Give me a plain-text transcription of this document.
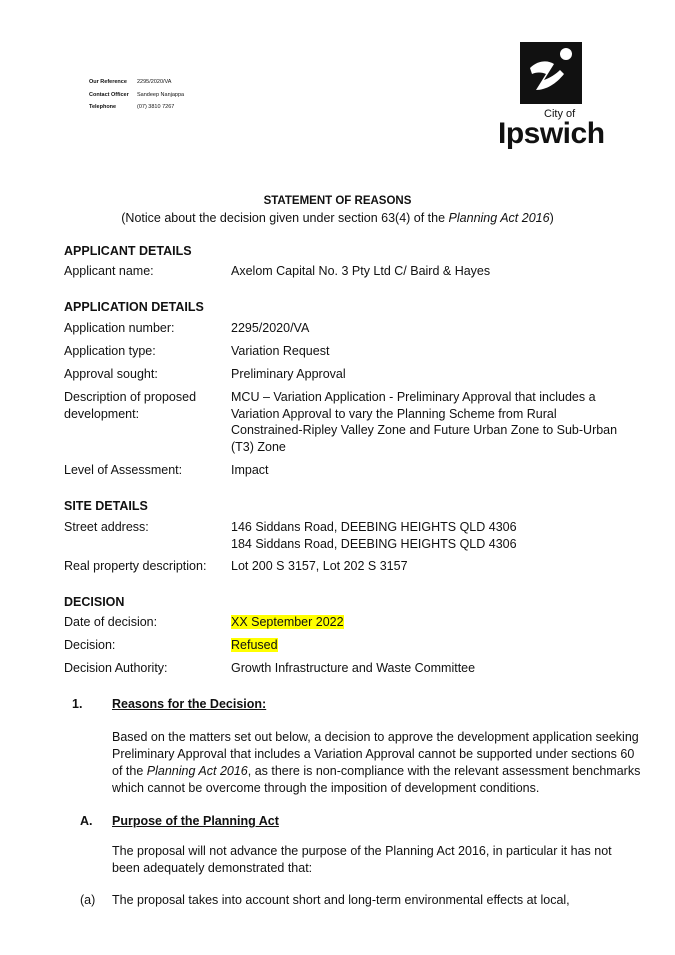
Our Reference	2295/2020/VA
Contact Officer	Sandeep Nanjappa
Telephone	(07) 3810 7267
City of
Ipswich
STATEMENT OF REASONS
(Notice about the decision given under section 63(4) of the Planning Act 2016)
APPLICANT DETAILS
Applicant name:	Axelom Capital No. 3 Pty Ltd C/ Baird & Hayes
APPLICATION DETAILS
Application number:	2295/2020/VA
Application type:	Variation Request
Approval sought:	Preliminary Approval
Description of proposed development:
MCU – Variation Application - Preliminary Approval that includes a Variation Approval to vary the Planning Scheme from Rural Constrained-Ripley Valley Zone and Future Urban Zone to Sub-Urban (T3) Zone
Level of Assessment:	Impact
SITE DETAILS
Street address:	146 Siddans Road, DEEBING HEIGHTS QLD 4306
184 Siddans Road, DEEBING HEIGHTS QLD 4306
Real property description:	Lot 200 S 3157, Lot 202 S 3157
DECISION
Date of decision:	XX September 2022
Decision:	Refused
Decision Authority:	Growth Infrastructure and Waste Committee
1. Reasons for the Decision:
Based on the matters set out below, a decision to approve the development application seeking Preliminary Approval that includes a Variation Approval cannot be supported under sections 60 of the Planning Act 2016, as there is non-compliance with the relevant assessment benchmarks which cannot be overcome through the imposition of development conditions.
A. Purpose of the Planning Act
The proposal will not advance the purpose of the Planning Act 2016, in particular it has not been adequately demonstrated that:
(a)	The proposal takes into account short and long-term environmental effects at local,
